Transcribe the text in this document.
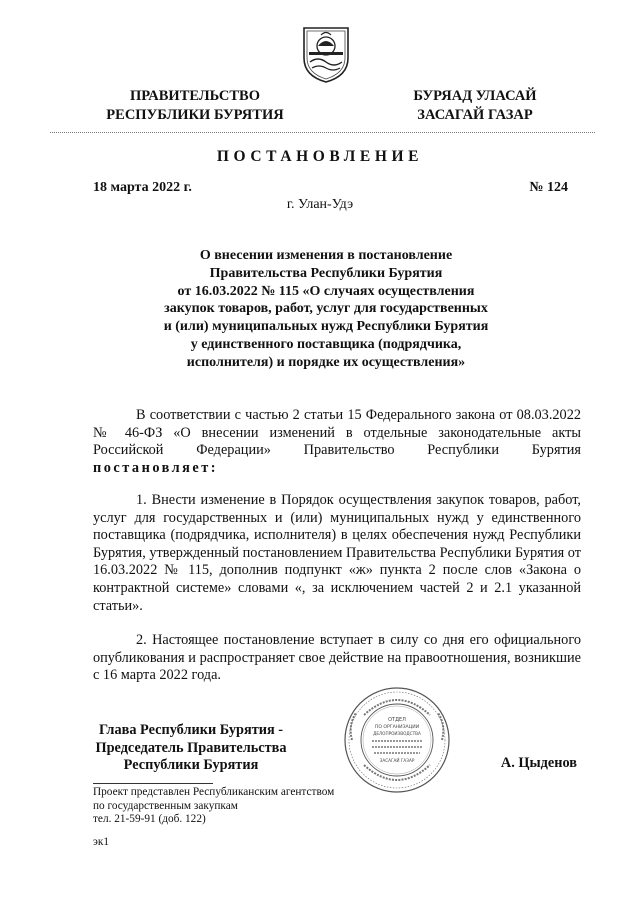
ПРАВИТЕЛЬСТВО
РЕСПУБЛИКИ БУРЯТИЯ
БУРЯАД УЛАСАЙ
ЗАСАГАЙ ГАЗАР
ПОСТАНОВЛЕНИЕ
18 марта 2022 г.	№ 124
г. Улан-Удэ
О внесении изменения в постановление
Правительства Республики Бурятия
от 16.03.2022 № 115 «О случаях осуществления
закупок товаров, работ, услуг для государственных
и (или) муниципальных нужд Республики Бурятия
у единственного поставщика (подрядчика,
исполнителя) и порядке их осуществления»
В соответствии с частью 2 статьи 15 Федерального закона от 08.03.2022 № 46-ФЗ «О внесении изменений в отдельные законодательные акты Российской Федерации» Правительство Республики Бурятия постановляет:
1. Внести изменение в Порядок осуществления закупок товаров, работ, услуг для государственных и (или) муниципальных нужд у единственного поставщика (подрядчика, исполнителя) в целях обеспечения нужд Республики Бурятия, утвержденный постановлением Правительства Республики Бурятия от 16.03.2022 № 115, дополнив подпункт «ж» пункта 2 после слов «Закона о контрактной системе» словами «, за исключением частей 2 и 2.1 указанной статьи».
2. Настоящее постановление вступает в силу со дня его официального опубликования и распространяет свое действие на правоотношения, возникшие с 16 марта 2022 года.
Глава Республики Бурятия -
Председатель Правительства
Республики Бурятия
ОТДЕЛ
ПО ОРГАНИЗАЦИИ
ДЕЛОПРОИЗВОДСТВА
ЗАСАГАЙ ГАЗАР	А. Цыденов
Проект представлен Республиканским агентством
по государственным закупкам
тел. 21-59-91 (доб. 122)
эк1
